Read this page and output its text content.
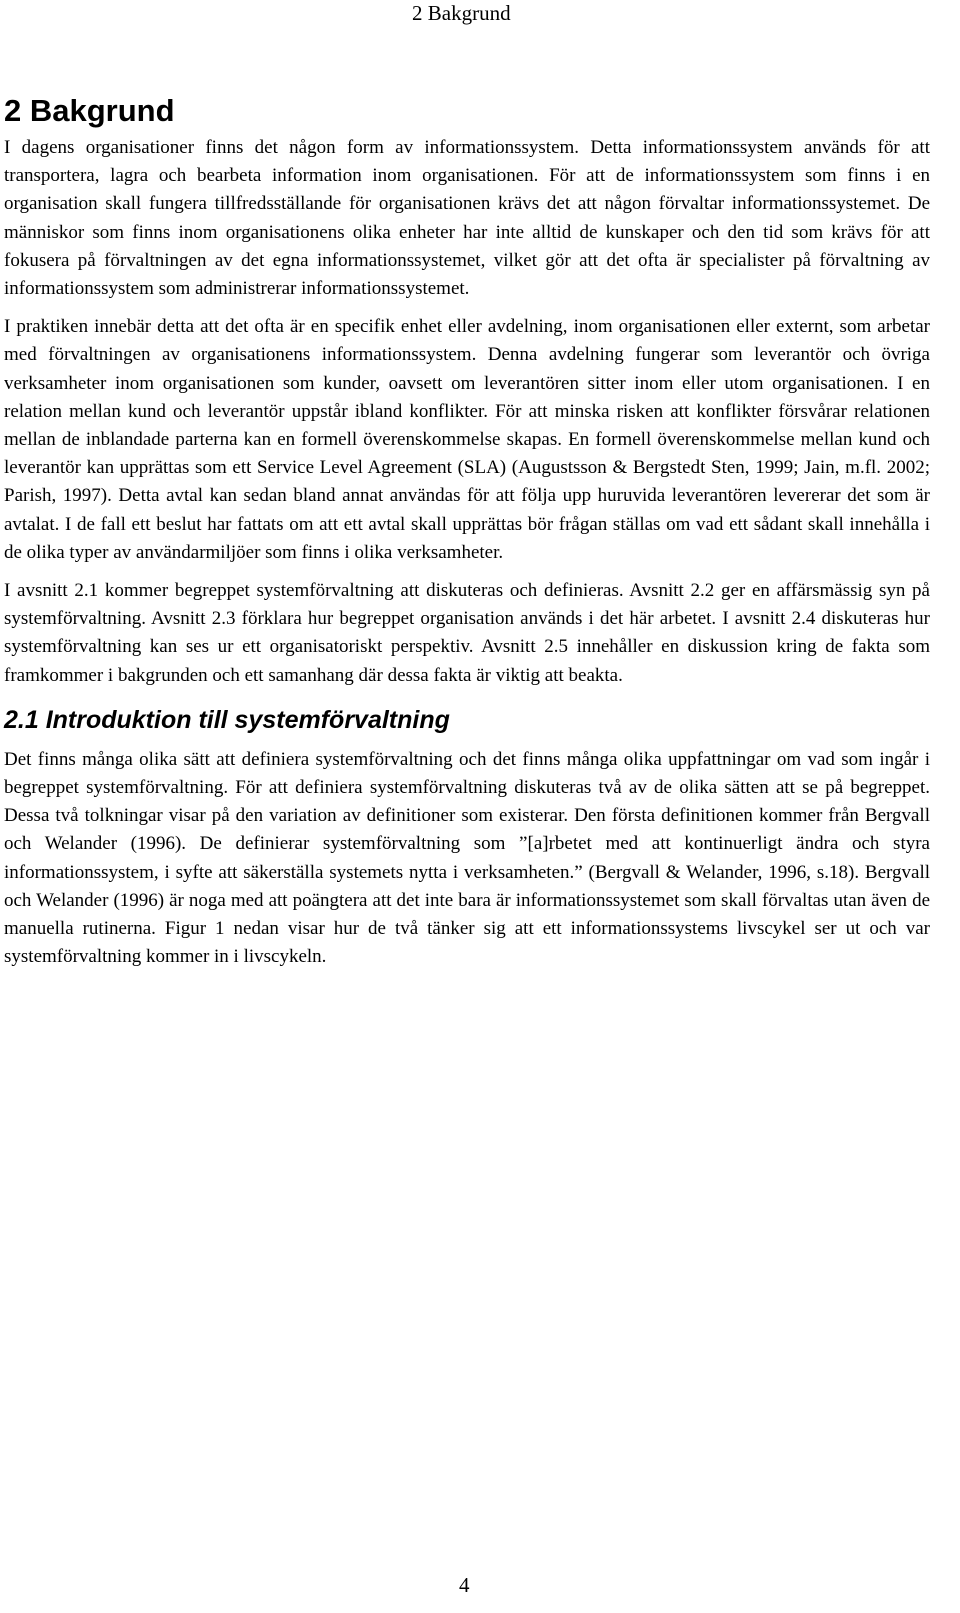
2 Bakgrund
2 Bakgrund

I dagens organisationer finns det någon form av informationssystem. Detta informationssystem används för att transportera, lagra och bearbeta information inom organisationen. För att de informationssystem som finns i en organisation skall fungera tillfredsställande för organisationen krävs det att någon förvaltar informationssystemet. De människor som finns inom organisationens olika enheter har inte alltid de kunskaper och den tid som krävs för att fokusera på förvaltningen av det egna informationssystemet, vilket gör att det ofta är specialister på förvaltning av informationssystem som administrerar informationssystemet.

I praktiken innebär detta att det ofta är en specifik enhet eller avdelning, inom organisationen eller externt, som arbetar med förvaltningen av organisationens informationssystem. Denna avdelning fungerar som leverantör och övriga verksamheter inom organisationen som kunder, oavsett om leverantören sitter inom eller utom organisationen. I en relation mellan kund och leverantör uppstår ibland konflikter. För att minska risken att konflikter försvårar relationen mellan de inblandade parterna kan en formell överenskommelse skapas. En formell överenskommelse mellan kund och leverantör kan upprättas som ett Service Level Agreement (SLA) (Augustsson & Bergstedt Sten, 1999; Jain, m.fl. 2002; Parish, 1997). Detta avtal kan sedan bland annat användas för att följa upp huruvida leverantören levererar det som är avtalat. I de fall ett beslut har fattats om att ett avtal skall upprättas bör frågan ställas om vad ett sådant skall innehålla i de olika typer av användarmiljöer som finns i olika verksamheter.

I avsnitt 2.1 kommer begreppet systemförvaltning att diskuteras och definieras. Avsnitt 2.2 ger en affärsmässig syn på systemförvaltning. Avsnitt 2.3 förklara hur begreppet organisation används i det här arbetet. I avsnitt 2.4 diskuteras hur systemförvaltning kan ses ur ett organisatoriskt perspektiv. Avsnitt 2.5 innehåller en diskussion kring de fakta som framkommer i bakgrunden och ett samanhang där dessa fakta är viktig att beakta.

2.1 Introduktion till systemförvaltning

Det finns många olika sätt att definiera systemförvaltning och det finns många olika uppfattningar om vad som ingår i begreppet systemförvaltning. För att definiera systemförvaltning diskuteras två av de olika sätten att se på begreppet. Dessa två tolkningar visar på den variation av definitioner som existerar. Den första definitionen kommer från Bergvall och Welander (1996). De definierar systemförvaltning som ”[a]rbetet med att kontinuerligt ändra och styra informationssystem, i syfte att säkerställa systemets nytta i verksamheten.” (Bergvall & Welander, 1996, s.18). Bergvall och Welander (1996) är noga med att poängtera att det inte bara är informationssystemet som skall förvaltas utan även de manuella rutinerna. Figur 1 nedan visar hur de två tänker sig att ett informationssystems livscykel ser ut och var systemförvaltning kommer in i livscykeln.

4
